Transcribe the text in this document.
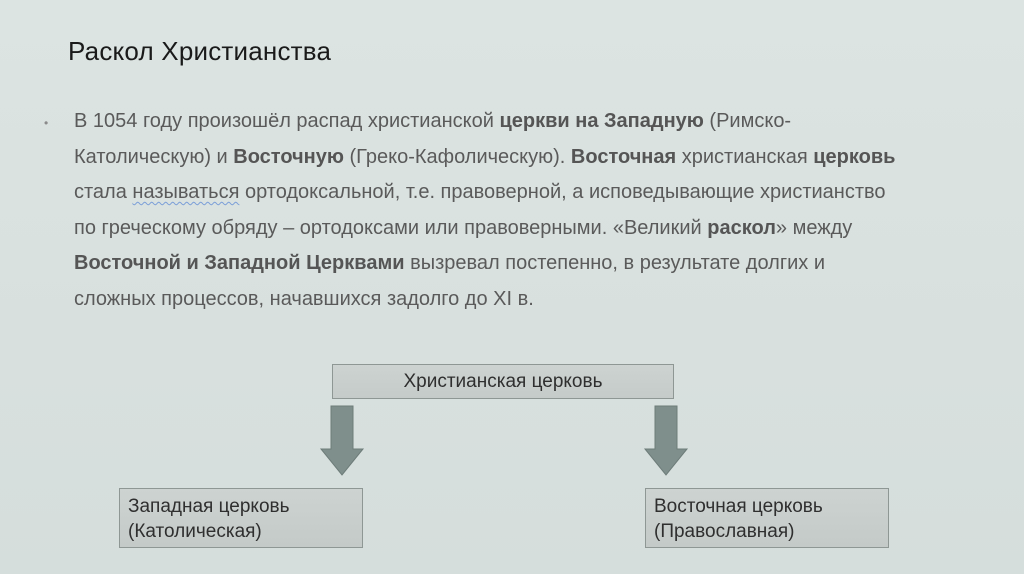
Раскол Христианства
• В 1054 году произошёл распад христианской церкви на Западную (Римско-Католическую) и Восточную (Греко-Кафолическую). Восточная христианская церковь стала называться ортодоксальной, т.е. правоверной, а исповедывающие христианство по греческому обряду – ортодоксами или правоверными. «Великий раскол» между Восточной и Западной Церквами вызревал постепенно, в результате долгих и сложных процессов, начавшихся задолго до XI в.
Христианская церковь
Западная церковь
(Католическая)
Восточная церковь
(Православная)
